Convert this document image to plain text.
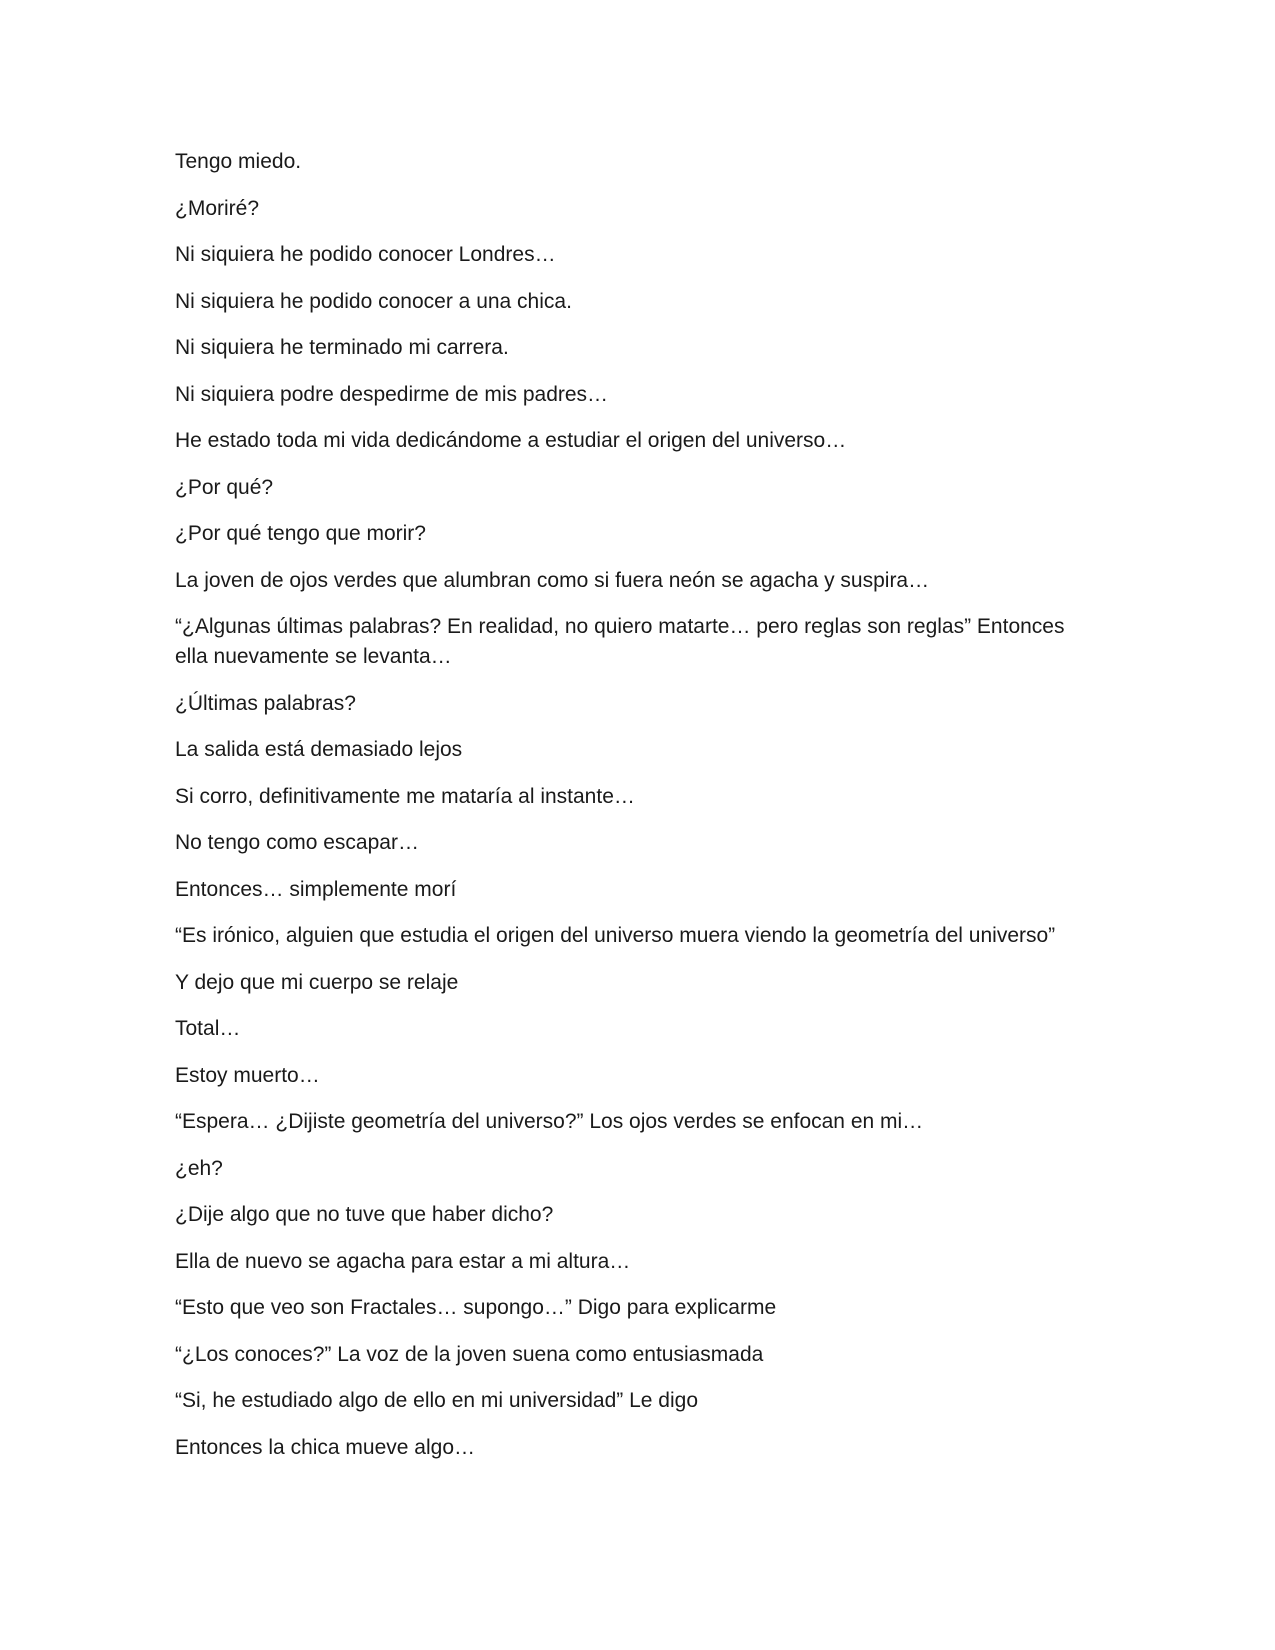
Tengo miedo.

¿Moriré?

Ni siquiera he podido conocer Londres…

Ni siquiera he podido conocer a una chica.

Ni siquiera he terminado mi carrera.

Ni siquiera podre despedirme de mis padres…

He estado toda mi vida dedicándome a estudiar el origen del universo…

¿Por qué?

¿Por qué tengo que morir?

La joven de ojos verdes que alumbran como si fuera neón se agacha y suspira…

“¿Algunas últimas palabras? En realidad, no quiero matarte… pero reglas son reglas” Entonces ella nuevamente se levanta…

¿Últimas palabras?

La salida está demasiado lejos

Si corro, definitivamente me mataría al instante…

No tengo como escapar…

Entonces… simplemente morí

“Es irónico, alguien que estudia el origen del universo muera viendo la geometría del universo”

Y dejo que mi cuerpo se relaje

Total…

Estoy muerto…

“Espera… ¿Dijiste geometría del universo?” Los ojos verdes se enfocan en mi…

¿eh?

¿Dije algo que no tuve que haber dicho?

Ella de nuevo se agacha para estar a mi altura…

“Esto que veo son Fractales… supongo…” Digo para explicarme

“¿Los conoces?” La voz de la joven suena como entusiasmada

“Si, he estudiado algo de ello en mi universidad” Le digo

Entonces la chica mueve algo…
